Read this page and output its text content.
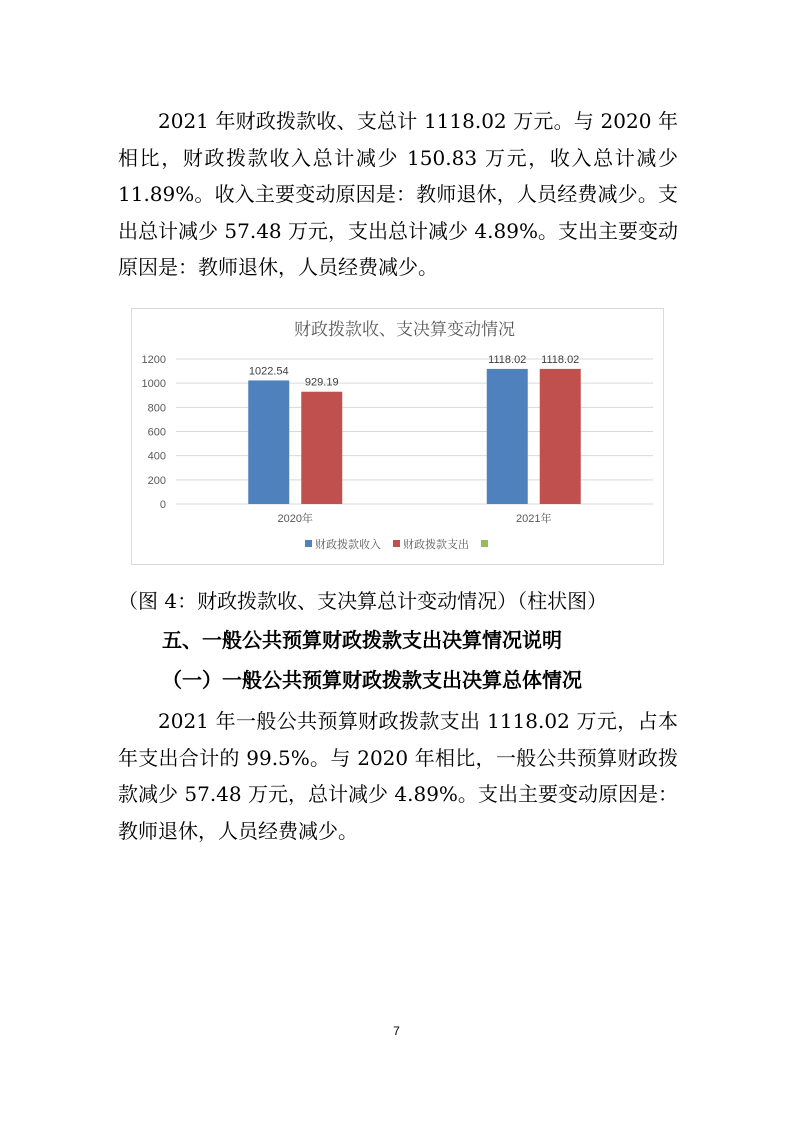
2021 年财政拨款收、支总计 1118.02 万元。与 2020 年相比，财政拨款收入总计减少 150.83 万元，收入总计减少 11.89%。收入主要变动原因是：教师退休，人员经费减少。支出总计减少 57.48 万元，支出总计减少 4.89%。支出主要变动原因是：教师退休，人员经费减少。

财政拨款收、支决算变动情况
0
200
400
600
800
1000
1200
1022.54
929.19
2020年
1118.02 1118.02
2021年
财政拨款收入 财政拨款支出
（图 4：财政拨款收、支决算总计变动情况）（柱状图）
五、一般公共预算财政拨款支出决算情况说明
（一）一般公共预算财政拨款支出决算总体情况

2021 年一般公共预算财政拨款支出 1118.02 万元，占本年支出合计的 99.5%。与 2020 年相比，一般公共预算财政拨款减少 57.48 万元，总计减少 4.89%。支出主要变动原因是：教师退休，人员经费减少。

7
